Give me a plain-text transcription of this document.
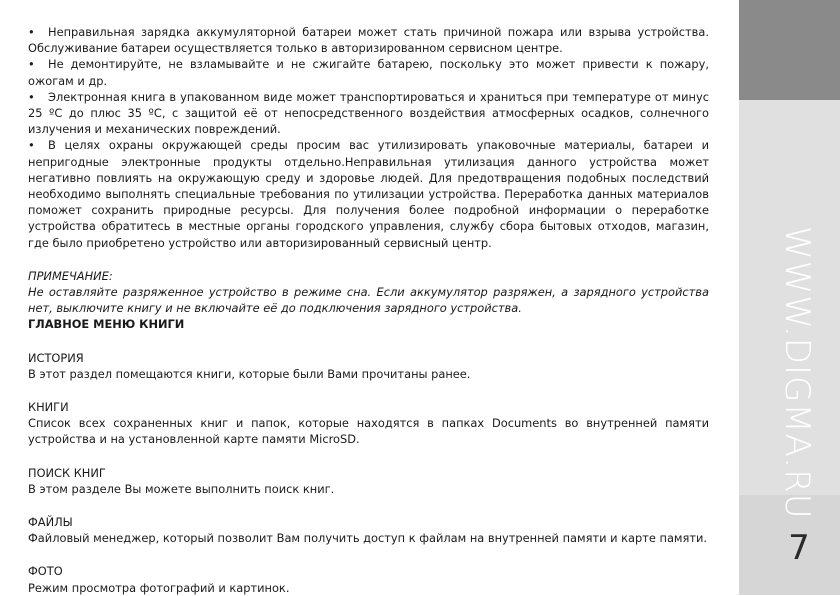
• Неправильная зарядка аккумуляторной батареи может стать причиной пожара или взрыва устройства. Обслуживание батареи осуществляется только в авторизированном сервисном центре.

• Не демонтируйте, не взламывайте и не сжигайте батарею, поскольку это может привести к пожару, ожогам и др.

• Электронная книга в упакованном виде может транспортироваться и храниться при температуре от минус 25 ºС до плюс 35 ºС, с защитой её от непосредственного воздействия атмосферных осадков, солнечного излучения и механических повреждений.

• В целях охраны окружающей среды просим вас утилизировать упаковочные материалы, батареи и непригодные электронные продукты отдельно.Неправильная утилизация данного устройства может негативно повлиять на окружающую среду и здоровье людей. Для предотвращения подобных последствий необходимо выполнять специальные требования по утилизации устройства. Переработка данных материалов поможет сохранить природные ресурсы. Для получения более подробной информации о переработке устройства обратитесь в местные органы городского управления, службу сбора бытовых отходов, магазин, где было приобретено устройство или авторизированный сервисный центр.

ПРИМЕЧАНИЕ:

Не оставляйте разряженное устройство в режиме сна. Если аккумулятор разряжен, а зарядного устройства нет, выключите книгу и не включайте её до подключения зарядного устройства.

ГЛАВНОЕ МЕНЮ КНИГИ

ИСТОРИЯ

В этот раздел помещаются книги, которые были Вами прочитаны ранее.

КНИГИ

Список всех сохраненных книг и папок, которые находятся в папках Documents во внутренней памяти устройства и на установленной карте памяти MicroSD.

ПОИСК КНИГ

В этом разделе Вы можете выполнить поиск книг.

ФАЙЛЫ

Файловый менеджер, который позволит Вам получить доступ к файлам на внутренней памяти и карте памяти.

ФОТО

Режим просмотра фотографий и картинок.

WWW.DIGMA.RU
7
